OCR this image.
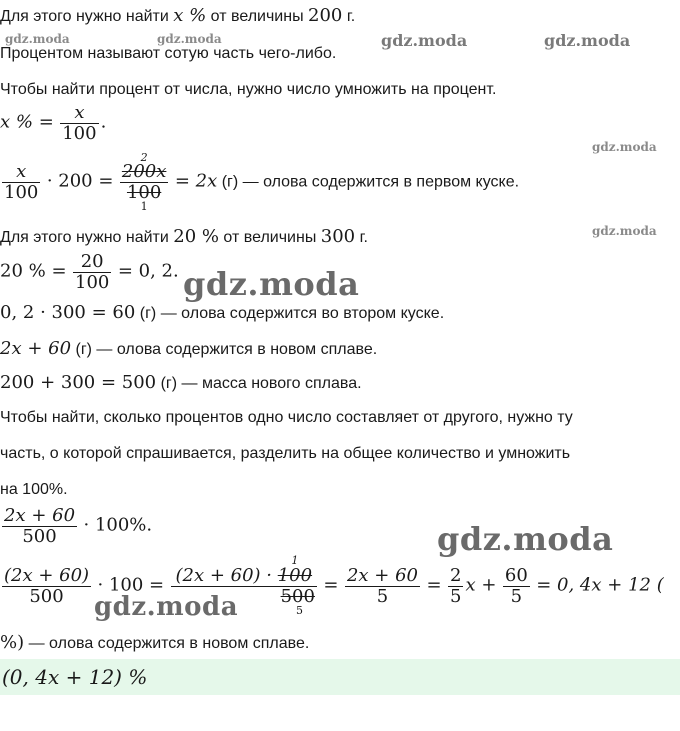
Для этого нужно найти x % от величины 200 г.
Процентом называют сотую часть чего-либо.
Чтобы найти процент от числа, нужно число умножить на процент.
x % = $\frac{x}{100}$ .
$\frac{x}{100} \cdot 200 = 200x$
2
100
1 = 2x (г) — олова содержится в первом куске.
Для этого нужно найти 20 % от величины 300 г.
20 % = $\frac{20}{100} = 0$, 2.
0, 2 · 300 = 60 (г) — олова содержится во втором куске.
2x + 60 (г) — олова содержится в новом сплаве.
200 + 300 = 500 (г) — масса нового сплава.
Чтобы найти, сколько процентов одно число составляет от другого, нужно ту
часть, о которой спрашивается, разделить на общее количество и умножить
на 100%.
$\frac{2x + 60}{500} \cdot 100\%$.
$\frac{(2x + 60)}{500} \cdot 100 = (2x + 60) \cdot 100$
1
500
$5 = \frac{2x + 60}{5} = \frac{2}{5}$ $x + \frac{60}{5} = 0$, 4x + 12 (
%) — олова содержится в новом сплаве.
(0, 4x + 12) %
gdz.moda	gdz.moda	gdz.moda	gdz.moda
gdz.moda
gdz.moda
gdz.moda
gdz.moda
gdz.moda
